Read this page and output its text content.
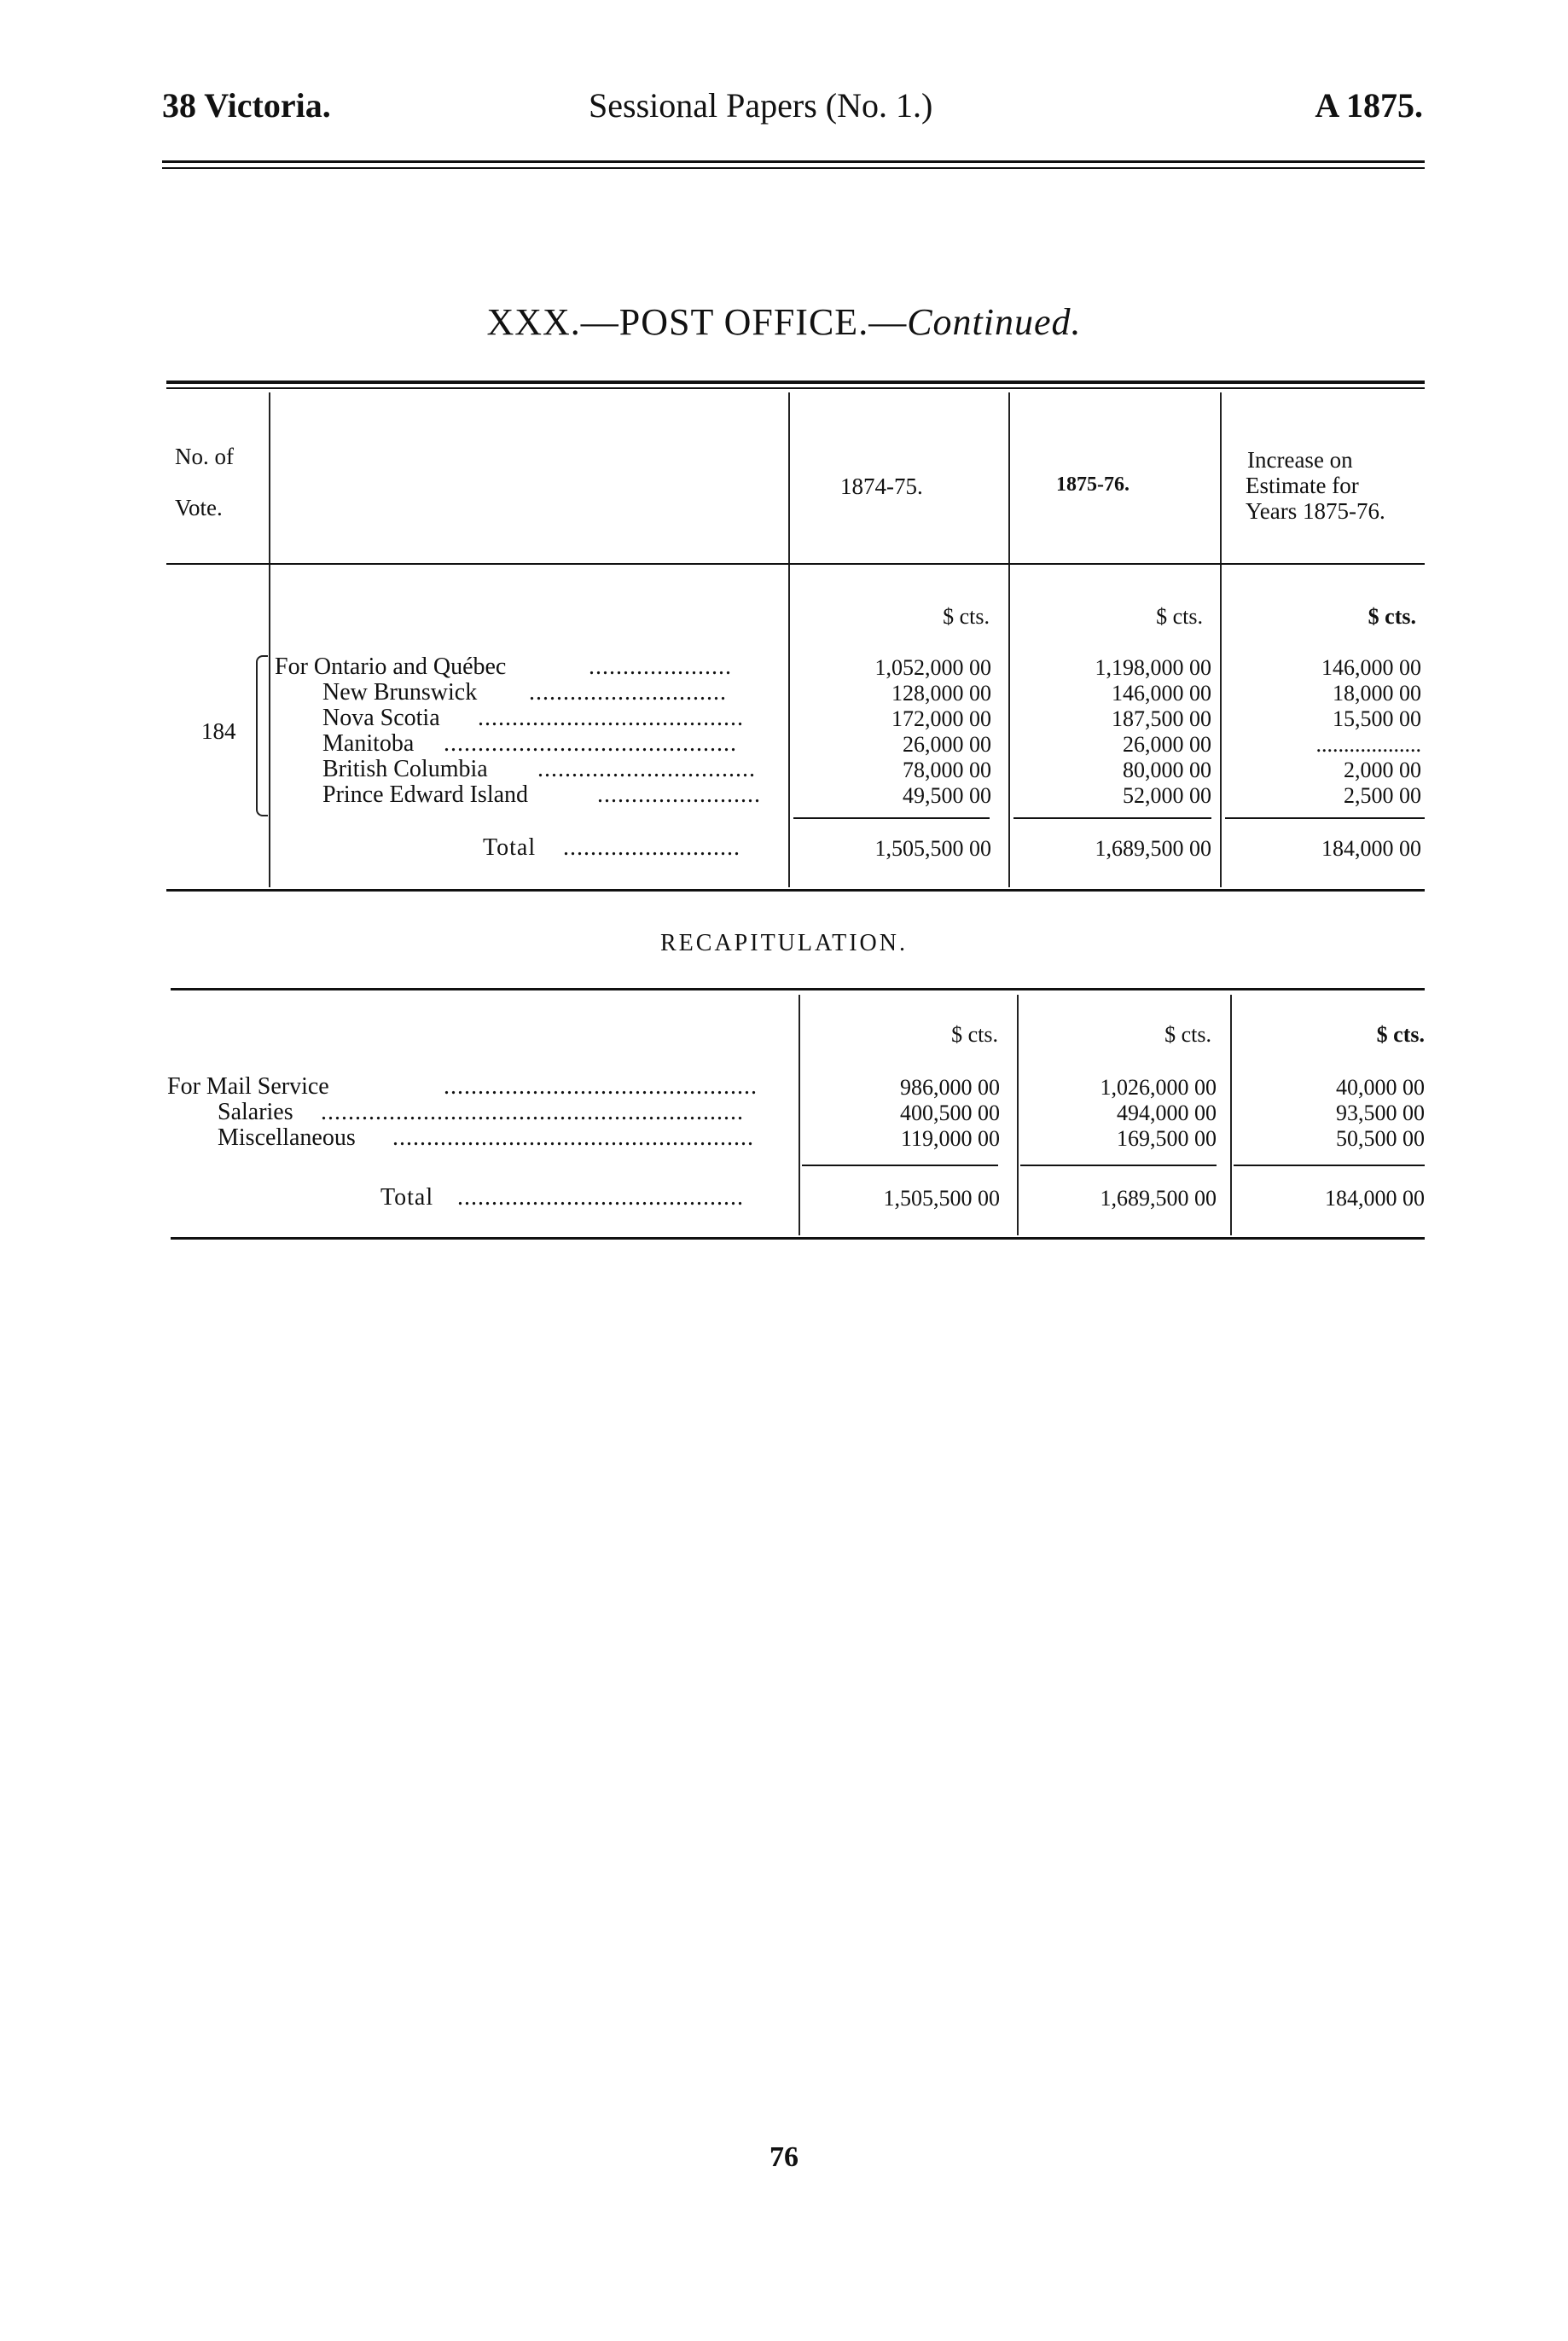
38 Victoria.	Sessional Papers (No. 1.)	A 1875.
XXX.—POST OFFICE.—Continued.
No. of
Vote.
1874-75.	1875-76.
Increase on
Estimate for
Years 1875-76.
$ cts.	$ cts.	$ cts.
184
For Ontario and Québec	.....................	1,052,000 00	1,198,000 00	146,000 00
New Brunswick .............................	128,000 00	146,000 00	18,000 00
Nova Scotia .......................................	172,000 00	187,500 00	15,500 00
Manitoba ...........................................	26,000 00	26,000 00	...................
British Columbia ................................	78,000 00	80,000 00	2,000 00
Prince Edward Island	........................	49,500 00	52,000 00	2,500 00
Total ..........................	1,505,500 00	1,689,500 00	184,000 00
RECAPITULATION.
$ cts.	$ cts.	$ cts.
For Mail Service	..............................................	986,000 00	1,026,000 00	40,000 00
Salaries ..............................................................	400,500 00	494,000 00	93,500 00
Miscellaneous .....................................................	119,000 00	169,500 00	50,500 00
Total ..........................................	1,505,500 00	1,689,500 00	184,000 00
76
